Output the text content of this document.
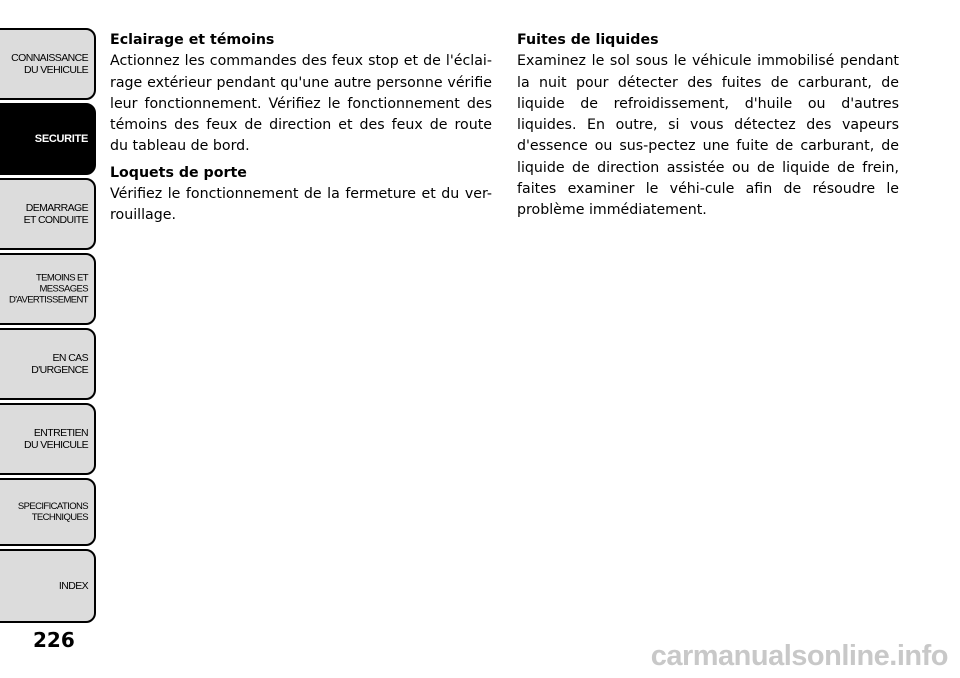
CONNAISSANCE
DU VEHICULE
SECURITE
DEMARRAGE
ET CONDUITE
TEMOINS ET
MESSAGES
D'AVERTISSEMENT
EN CAS
D'URGENCE
ENTRETIEN
DU VEHICULE
SPECIFICATIONS
TECHNIQUES
INDEX
226

Eclairage et témoins

Actionnez les commandes des feux stop et de l'éclai-rage extérieur pendant qu'une autre personne vérifie leur fonctionnement. Vérifiez le fonctionnement des témoins des feux de direction et des feux de route du tableau de bord.

Loquets de porte

Vérifiez le fonctionnement de la fermeture et du ver-rouillage.

Fuites de liquides

Examinez le sol sous le véhicule immobilisé pendant la nuit pour détecter des fuites de carburant, de liquide de refroidissement, d'huile ou d'autres liquides. En outre, si vous détectez des vapeurs d'essence ou sus-pectez une fuite de carburant, de liquide de direction assistée ou de liquide de frein, faites examiner le véhi-cule afin de résoudre le problème immédiatement.

carmanualsonline.info
